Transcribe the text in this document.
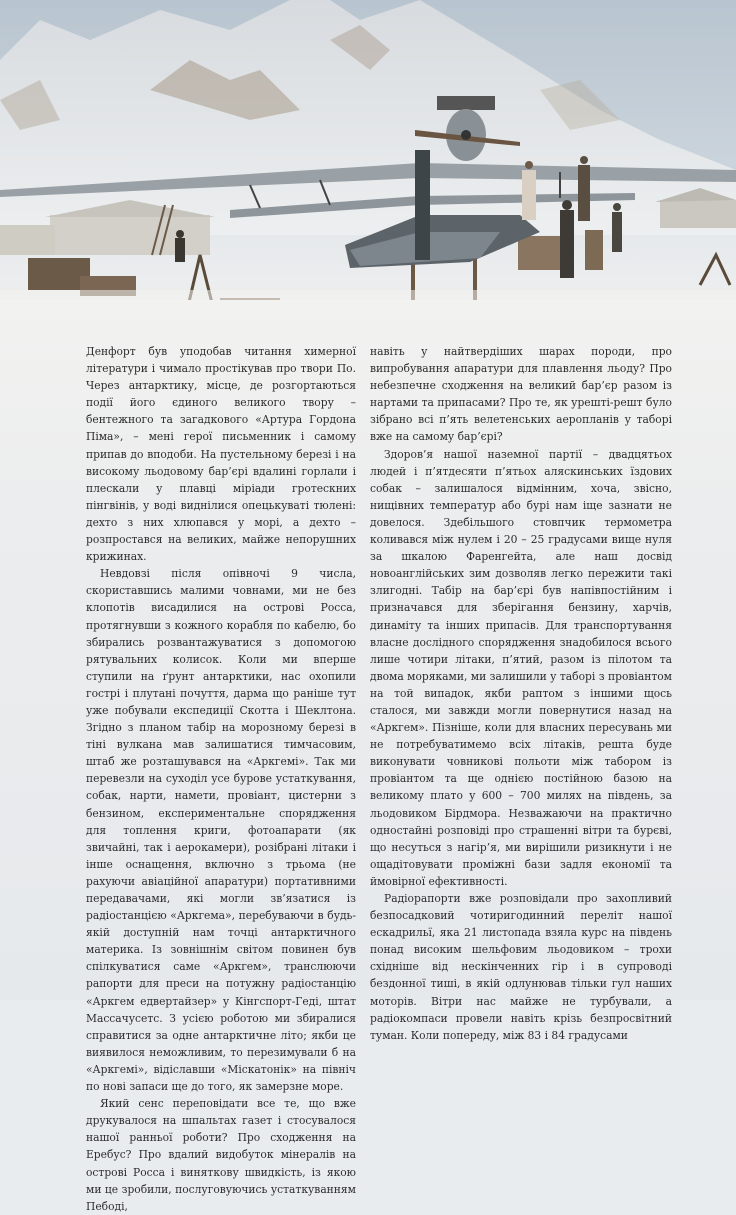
Денфорт був уподобав читання химерної літератури і чимало простікував про твори По. Через антарктику, місце, де розгортаються події його єдиного великого твору – бентежного та загадкового «Артура Гордона Піма», – мені герої письменник і самому припав до вподоби. На пустельному березі і на високому льодовому бар’єрі вдалині горлали і плескали у плавці міріади гротескних пінгвінів, у воді виднілися опецькуваті тюлені: дехто з них хлюпався у морі, а дехто – розпростався на великих, майже непорушних крижинах.

Невдовзі після опівночі 9 числа, скориставшись малими човнами, ми не без клопотів висадилися на острові Росса, протягнувши з кожного корабля по кабелю, бо збирались розвантажуватися з допомогою рятувальних колисок. Коли ми вперше ступили на ґрунт антарктики, нас охопили гострі і плутані почуття, дарма що раніше тут уже побували експедиції Скотта і Шеклтона. Згідно з планом табір на морозному березі в тіні вулкана мав залишатися тимчасовим, штаб же розташувався на «Аркгемі». Так ми перевезли на суходіл усе бурове устаткування, собак, нарти, намети, провіант, цистерни з бензином, експериментальне спорядження для топлення криги, фотоапарати (як звичайні, так і аерокамери), розібрані літаки і інше оснащення, включно з трьома (не рахуючи авіаційної апаратури) портативними передавачами, які могли зв’язатися із радіостанцією «Аркгема», перебуваючи в будь-якій доступній нам точці антарктичного материка. Із зовнішнім світом повинен був спілкуватися саме «Аркгем», транслюючи рапорти для преси на потужну радіостанцію «Аркгем едвертайзер» у Кінгспорт-Геді, штат Массачусетс. З усією роботою ми збиралися справитися за одне антарктичне літо; якби це виявилося неможливим, то перезимували б на «Аркгемі», відіславши «Міскатонік» на північ по нові запаси ще до того, як замерзне море.

Який сенс переповідати все те, що вже друкувалося на шпальтах газет і стосувалося нашої ранньої роботи? Про сходження на Еребус? Про вдалий видобуток мінералів на острові Росса і виняткову швидкість, із якою ми це зробили, послуговуючись устаткуванням Пебоді,

навіть у найтвердіших шарах породи, про випробування апаратури для плавлення льоду? Про небезпечне сходження на великий бар’єр разом із нартами та припасами? Про те, як урешті-решт було зібрано всі п’ять велетенських аеропланів у таборі вже на самому бар’єрі?

Здоров’я нашої наземної партії – двадцятьох людей і п’ятдесяти п’ятьох аляскинських їздових собак – залишалося відмінним, хоча, звісно, нищівних температур або бурі нам іще зазнати не довелося. Здебільшого стовпчик термометра коливався між нулем і 20 – 25 градусами вище нуля за шкалою Фаренгейта, але наш досвід новоанглійських зим дозволяв легко пережити такі злигодні. Табір на бар’єрі був напівпостійним і призначався для зберігання бензину, харчів, динаміту та інших припасів. Для транспортування власне дослідного спорядження знадобилося всього лише чотири літаки, п’ятий, разом із пілотом та двома моряками, ми залишили у таборі з провіантом на той випадок, якби раптом з іншими щось сталося, ми завжди могли повернутися назад на «Аркгем». Пізніше, коли для власних пересувань ми не потребуватимемо всіх літаків, решта буде виконувати човникові польоти між табором із провіантом та ще однією постійною базою на великому плато у 600 – 700 милях на південь, за льодовиком Бірдмора. Незважаючи на практично одностайні розповіді про страшенні вітри та бурєві, що несуться з нагір’я, ми вирішили ризикнути і не ощадітовувати проміжні бази задля економії та ймовірної ефективності.

Радіорапорти вже розповідали про захопливий безпосадковий чотиригодинний переліт нашої ескадрильї, яка 21 листопада взяла курс на південь понад високим шельфовим льодовиком – трохи східніше від нескінченних гір і в супроводі бездонної тиші, в якій одлунював тільки гул наших моторів. Вітри нас майже не турбували, а радіокомпаси провели навіть крізь безпросвітний туман. Коли попереду, між 83 і 84 градусами
